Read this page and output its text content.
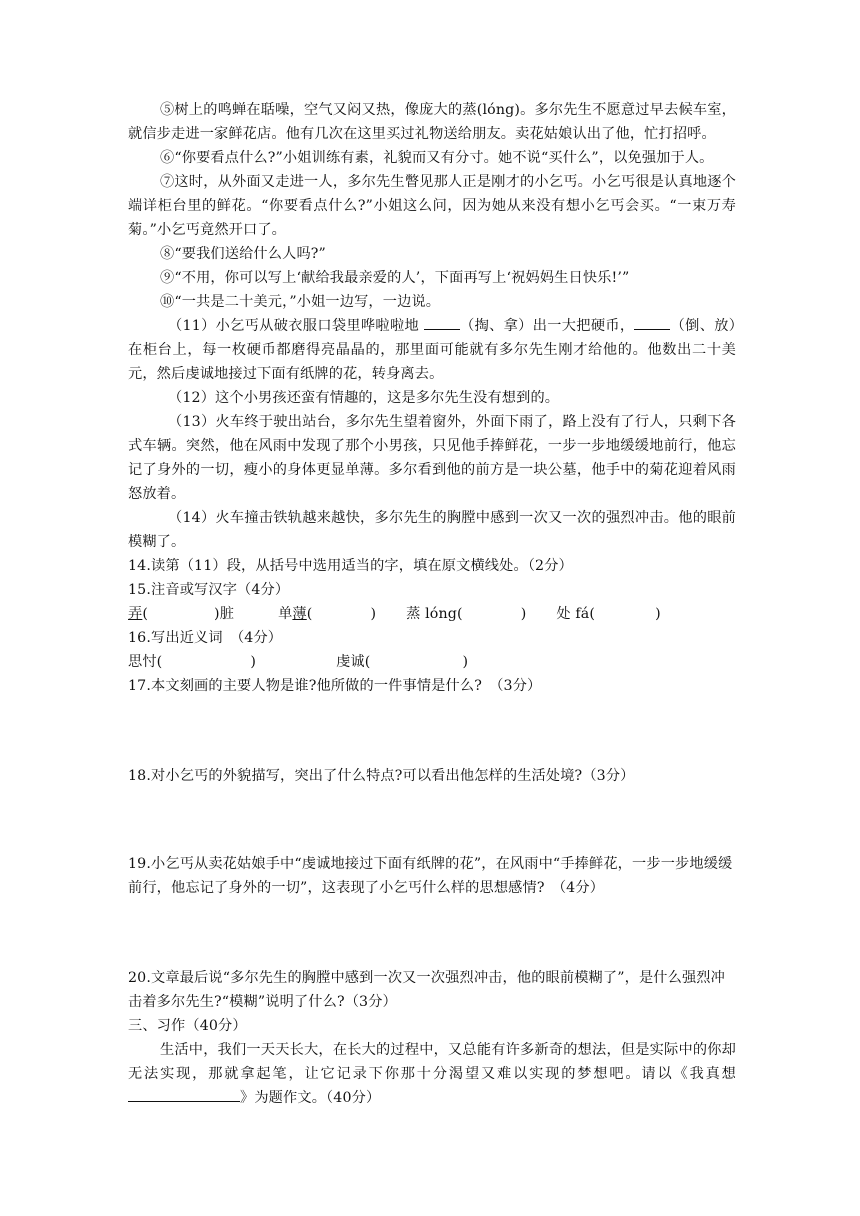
⑤树上的鸣蝉在聒噪，空气又闷又热，像庞大的蒸(lóng)。多尔先生不愿意过早去候车室，就信步走进一家鲜花店。他有几次在这里买过礼物送给朋友。卖花姑娘认出了他，忙打招呼。

⑥“你要看点什么?”小姐训练有素，礼貌而又有分寸。她不说“买什么”，以免强加于人。

⑦这时，从外面又走进一人，多尔先生瞥见那人正是刚才的小乞丐。小乞丐很是认真地逐个端详柜台里的鲜花。“你要看点什么?”小姐这么问，因为她从来没有想小乞丐会买。“一束万寿菊。”小乞丐竟然开口了。

⑧“要我们送给什么人吗?”

⑨“不用，你可以写上‘献给我最亲爱的人’，下面再写上‘祝妈妈生日快乐!’”

⑩“一共是二十美元，”小姐一边写，一边说。

（11）小乞丐从破衣服口袋里哗啦啦地	（掏、拿）出一大把硬币，	（倒、放）在柜台上，每一枚硬币都磨得亮晶晶的，那里面可能就有多尔先生刚才给他的。他数出二十美元，然后虔诚地接过下面有纸牌的花，转身离去。

（12）这个小男孩还蛮有情趣的，这是多尔先生没有想到的。

（13）火车终于驶出站台，多尔先生望着窗外，外面下雨了，路上没有了行人，只剩下各式车辆。突然，他在风雨中发现了那个小男孩，只见他手捧鲜花，一步一步地缓缓地前行，他忘记了身外的一切，瘦小的身体更显单薄。多尔看到他的前方是一块公墓，他手中的菊花迎着风雨怒放着。

（14）火车撞击铁轨越来越快，多尔先生的胸膛中感到一次又一次的强烈冲击。他的眼前模糊了。

14.读第（11）段，从括号中选用适当的字，填在原文横线处。（2分）

15.注音或写汉字（4分）

弄(	)脏	单薄(	) 蒸 lóng(	) 处 fá(	)

16.写出近义词　（4分）

思忖(	)	虔诚(	)

17.本文刻画的主要人物是谁?他所做的一件事情是什么?　（3分）

18.对小乞丐的外貌描写，突出了什么特点?可以看出他怎样的生活处境?（3分）

19.小乞丐从卖花姑娘手中“虔诚地接过下面有纸牌的花”，在风雨中“手捧鲜花，一步一步地缓缓前行，他忘记了身外的一切”，这表现了小乞丐什么样的思想感情?　（4分）

20.文章最后说“多尔先生的胸膛中感到一次又一次强烈冲击，他的眼前模糊了”，是什么强烈冲击着多尔先生?“模糊”说明了什么?（3分）

三、习作（40分）

生活中，我们一天天长大，在长大的过程中，又总能有许多新奇的想法，但是实际中的你却无法实现，那就拿起笔，让它记录下你那十分渴望又难以实现的梦想吧。请以《我真想》为题作文。（40分）
